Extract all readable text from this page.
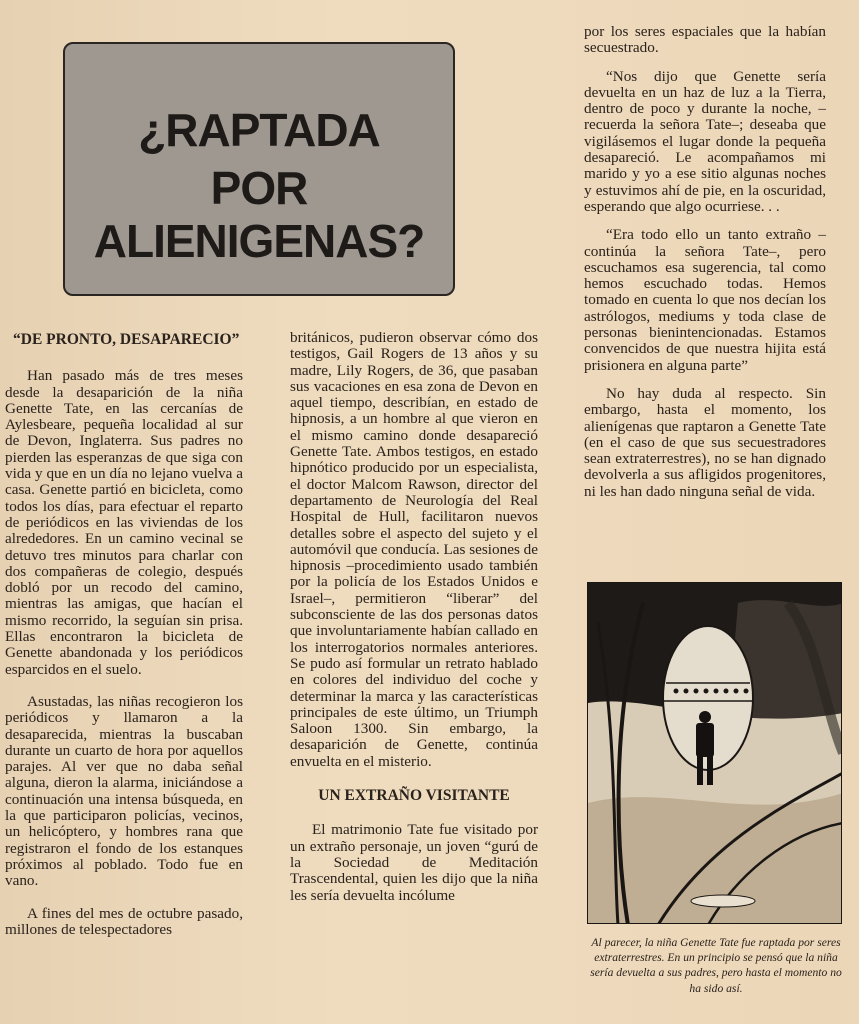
¿RAPTADA
POR
ALIENIGENAS?
“DE PRONTO, DESAPARECIO”

Han pasado más de tres meses desde la desaparición de la niña Genette Tate, en las cercanías de Aylesbeare, pequeña localidad al sur de Devon, Inglaterra. Sus padres no pierden las esperanzas de que siga con vida y que en un día no lejano vuelva a casa. Genette partió en bicicleta, como todos los días, para efectuar el reparto de periódicos en las viviendas de los alrededores. En un camino vecinal se detuvo tres minutos para charlar con dos compañeras de colegio, después dobló por un recodo del camino, mientras las amigas, que hacían el mismo recorrido, la seguían sin prisa. Ellas encontraron la bicicleta de Genette abandonada y los periódicos esparcidos en el suelo.

Asustadas, las niñas recogieron los periódicos y llamaron a la desaparecida, mientras la buscaban durante un cuarto de hora por aquellos parajes. Al ver que no daba señal alguna, dieron la alarma, iniciándose a continuación una intensa búsqueda, en la que participaron policías, vecinos, un helicóptero, y hombres rana que registraron el fondo de los estanques próximos al poblado. Todo fue en vano.

A fines del mes de octubre pasado, millones de telespectadores

británicos, pudieron observar cómo dos testigos, Gail Rogers de 13 años y su madre, Lily Rogers, de 36, que pasaban sus vacaciones en esa zona de Devon en aquel tiempo, describían, en estado de hipnosis, a un hombre al que vieron en el mismo camino donde desapareció Genette Tate. Ambos testigos, en estado hipnótico producido por un especialista, el doctor Malcom Rawson, director del departamento de Neurología del Real Hospital de Hull, facilitaron nuevos detalles sobre el aspecto del sujeto y el automóvil que conducía. Las sesiones de hipnosis –procedimiento usado también por la policía de los Estados Unidos e Israel–, permitieron “liberar” del subconsciente de las dos personas datos que involuntariamente habían callado en los interrogatorios normales anteriores. Se pudo así formular un retrato hablado en colores del individuo del coche y determinar la marca y las características principales de este último, un Triumph Saloon 1300. Sin embargo, la desaparición de Genette, continúa envuelta en el misterio.

UN EXTRAÑO VISITANTE

El matrimonio Tate fue visitado por un extraño personaje, un joven “gurú de la Sociedad de Meditación Trascendental, quien les dijo que la niña les sería devuelta incólume

por los seres espaciales que la habían secuestrado.

“Nos dijo que Genette sería devuelta en un haz de luz a la Tierra, dentro de poco y durante la noche, –recuerda la señora Tate–; deseaba que vigilásemos el lugar donde la pequeña desapareció. Le acompañamos mi marido y yo a ese sitio algunas noches y estuvimos ahí de pie, en la oscuridad, esperando que algo ocurriese. . .

“Era todo ello un tanto extraño –continúa la señora Tate–, pero escuchamos esa sugerencia, tal como hemos escuchado todas. Hemos tomado en cuenta lo que nos decían los astrólogos, mediums y toda clase de personas bienintencionadas. Estamos convencidos de que nuestra hijita está prisionera en alguna parte”

No hay duda al respecto. Sin embargo, hasta el momento, los alienígenas que raptaron a Genette Tate (en el caso de que sus secuestradores sean extraterrestres), no se han dignado devolverla a sus afligidos progenitores, ni les han dado ninguna señal de vida.

Al parecer, la niña Genette Tate fue raptada por seres extraterrestres. En un principio se pensó que la niña sería devuelta a sus padres, pero hasta el momento no ha sido así.
